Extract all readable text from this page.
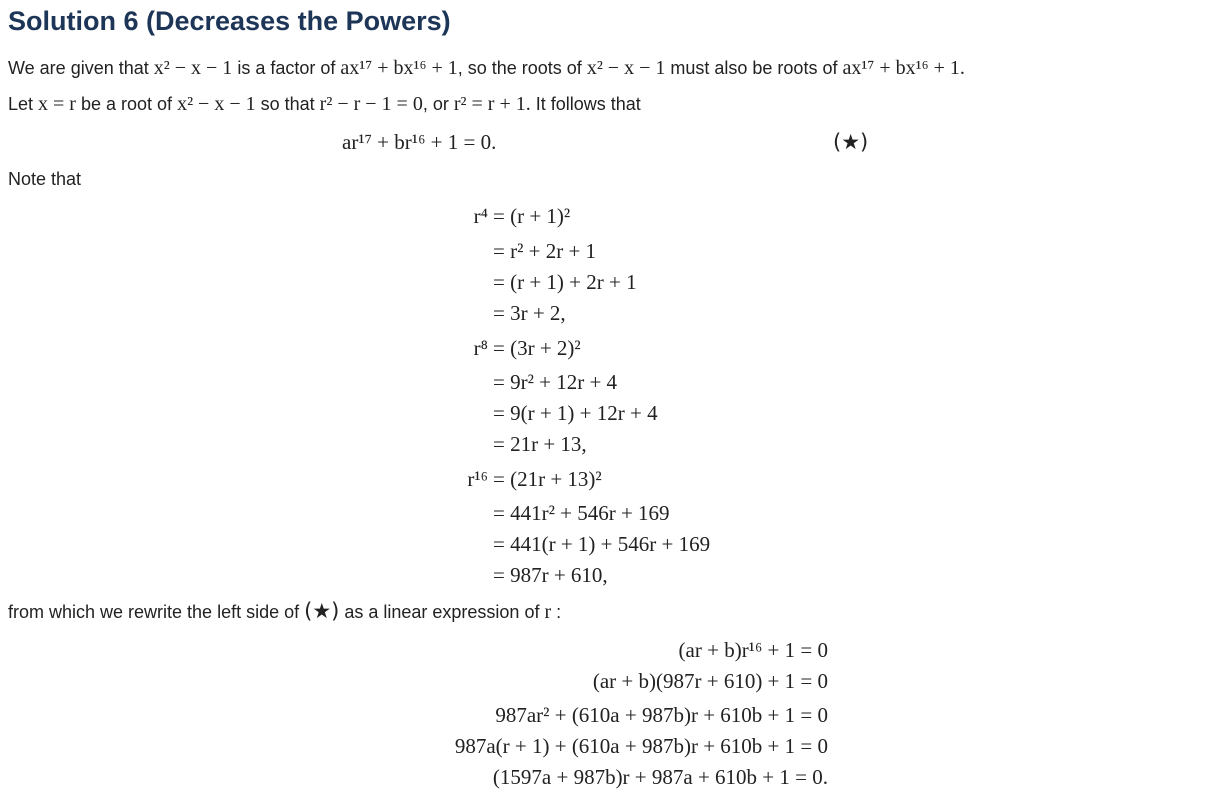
Solution 6 (Decreases the Powers)
We are given that x² − x − 1 is a factor of ax¹⁷ + bx¹⁶ + 1, so the roots of x² − x − 1 must also be roots of ax¹⁷ + bx¹⁶ + 1.
Let x = r be a root of x² − x − 1 so that r² − r − 1 = 0, or r² = r + 1. It follows that
ar¹⁷ + br¹⁶ + 1 = 0.	(★)
Note that
r⁴ = (r + 1)²
= r² + 2r + 1
= (r + 1) + 2r + 1
= 3r + 2,
r⁸ = (3r + 2)²
= 9r² + 12r + 4
= 9(r + 1) + 12r + 4
= 21r + 13,
r¹⁶ = (21r + 13)²
= 441r² + 546r + 169
= 441(r + 1) + 546r + 169
= 987r + 610,
from which we rewrite the left side of (★) as a linear expression of r :
(ar + b)r¹⁶ + 1 = 0
(ar + b)(987r + 610) + 1 = 0
987ar² + (610a + 987b)r + 610b + 1 = 0
987a(r + 1) + (610a + 987b)r + 610b + 1 = 0
(1597a + 987b)r + 987a + 610b + 1 = 0.
